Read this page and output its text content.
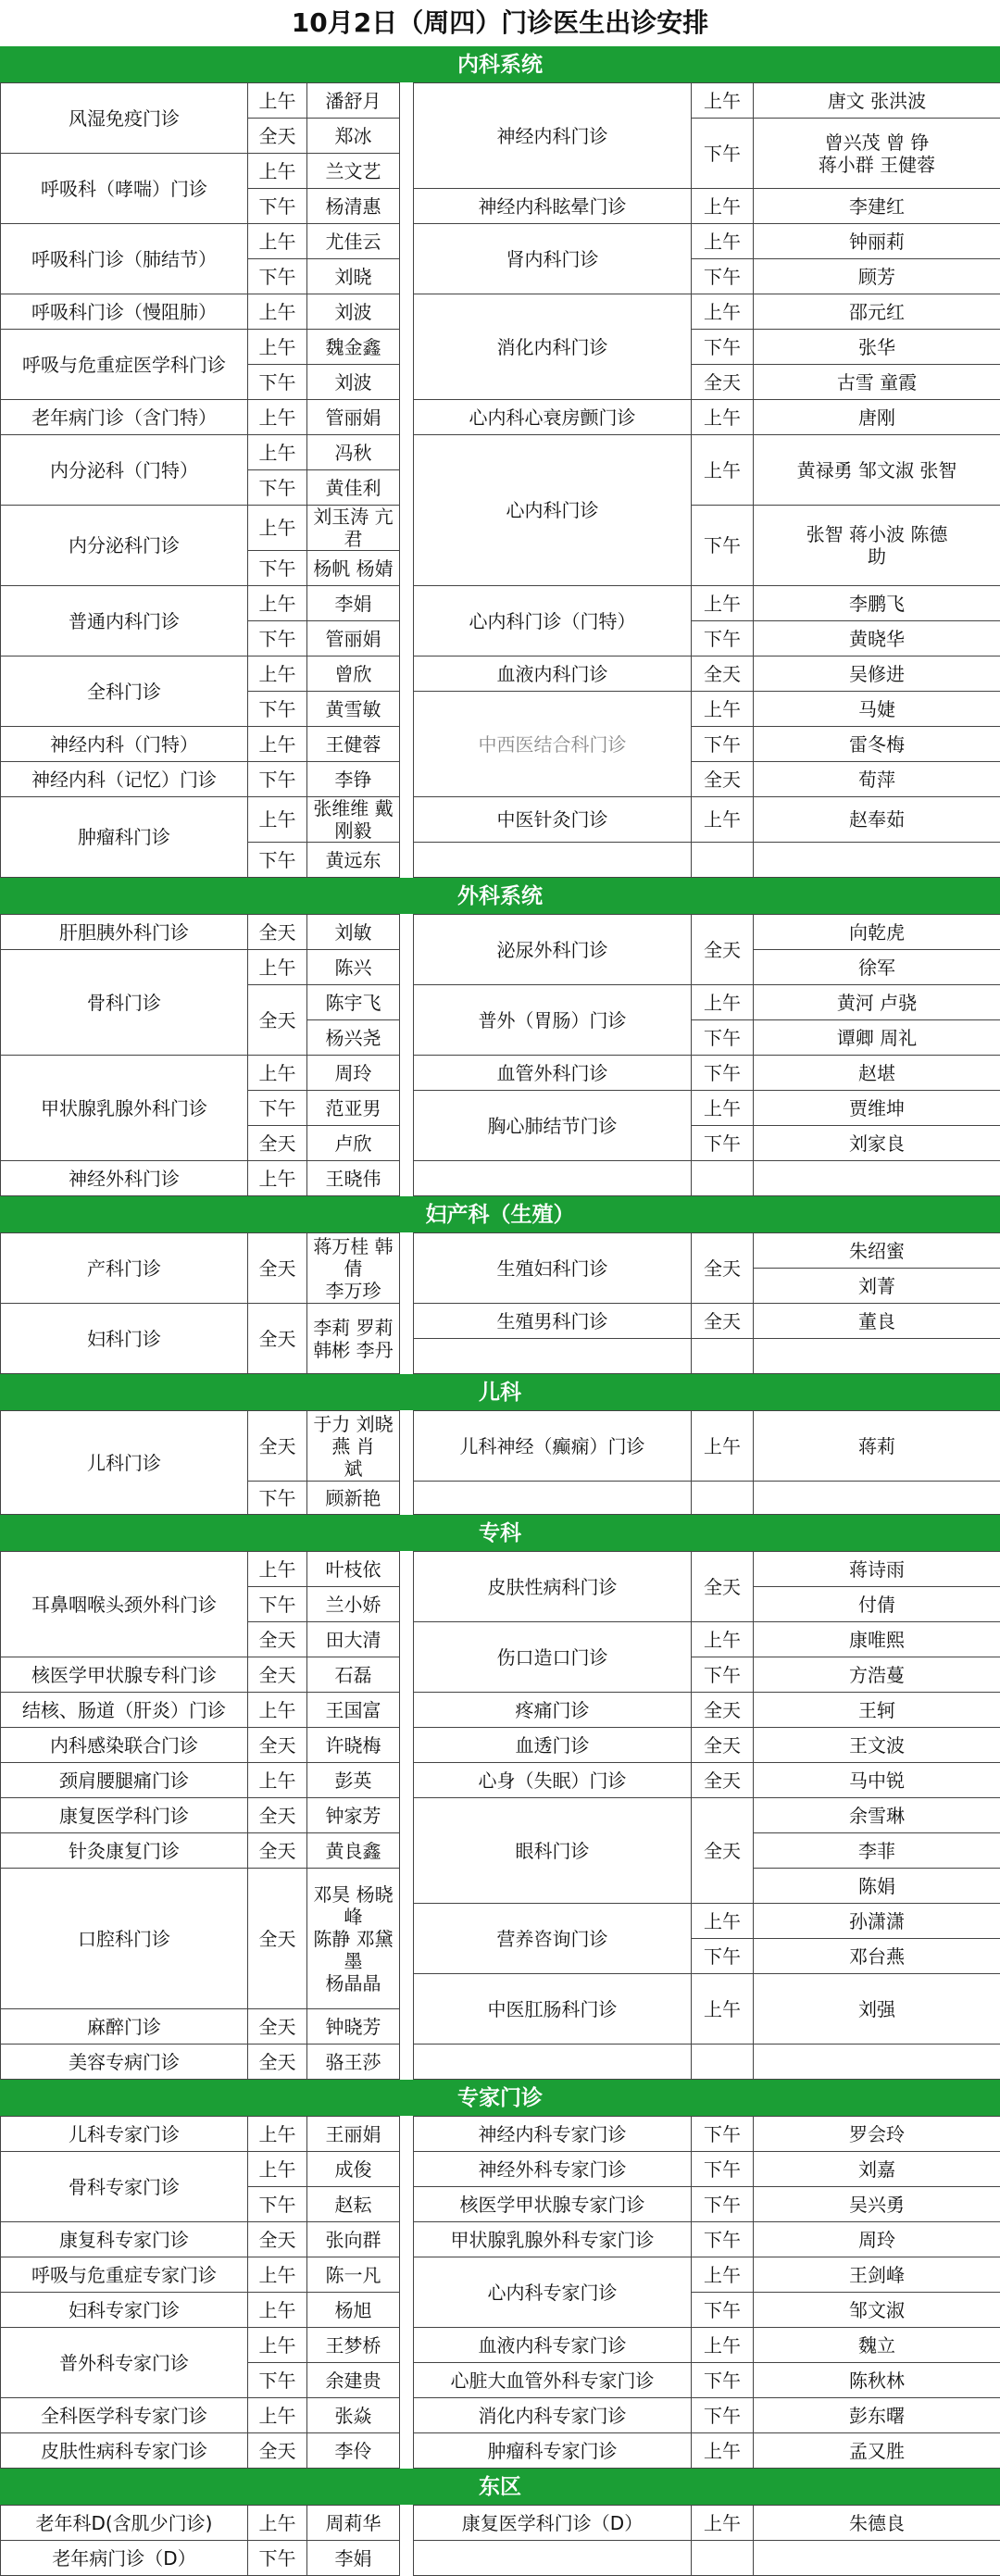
10月2日（周四）门诊医生出诊安排
内科系统
风湿免疫门诊	上午	潘舒月		神经内科门诊	上午	唐文 张洪波
	全天	郑冰			下午	曾兴茂 曾 铮
蒋小群 王健蓉
呼吸科（哮喘）门诊	上午	兰文艺				
	下午	杨清惠		神经内科眩晕门诊	上午	李建红
呼吸科门诊（肺结节）	上午	尤佳云		肾内科门诊	上午	钟丽莉
	下午	刘晓			下午	顾芳
呼吸科门诊（慢阻肺）	上午	刘波		消化内科门诊	上午	邵元红
呼吸与危重症医学科门诊	上午	魏金鑫			下午	张华
	下午	刘波			全天	古雪 童霞
老年病门诊（含门特）	上午	管丽娟		心内科心衰房颤门诊	上午	唐刚
内分泌科（门特）	上午	冯秋		心内科门诊	上午	黄禄勇 邹文淑 张智
	下午	黄佳利				
内分泌科门诊	上午	刘玉涛 亢君			下午	张智 蒋小波 陈德
助
	下午	杨帆 杨婧				
普通内科门诊	上午	李娟		心内科门诊（门特）	上午	李鹏飞
	下午	管丽娟			下午	黄晓华
全科门诊	上午	曾欣		血液内科门诊	全天	吴修进
	下午	黄雪敏		中西医结合科门诊	上午	马婕
神经内科（门特）	上午	王健蓉			下午	雷冬梅
神经内科（记忆）门诊	下午	李铮			全天	荀萍
肿瘤科门诊	上午	张维维 戴刚毅		中医针灸门诊	上午	赵奉茹
	下午	黄远东				
外科系统
肝胆胰外科门诊	全天	刘敏		泌尿外科门诊	全天	向乾虎
骨科门诊	上午	陈兴				徐军
	全天	陈宇飞		普外（胃肠）门诊	上午	黄河 卢骁
		杨兴尧			下午	谭卿 周礼
甲状腺乳腺外科门诊	上午	周玲		血管外科门诊	下午	赵堪
	下午	范亚男		胸心肺结节门诊	上午	贾维坤
	全天	卢欣			下午	刘家良
神经外科门诊	上午	王晓伟				
妇产科（生殖）
产科门诊	全天	蒋万桂 韩倩
李万珍		生殖妇科门诊	全天	朱绍蜜
						刘菁
妇科门诊	全天	李莉 罗莉
韩彬 李丹		生殖男科门诊	全天	董良

儿科
儿科门诊	全天	于力 刘晓燕 肖
斌		儿科神经（癫痫）门诊	上午	蒋莉

	下午	顾新艳				
专科
耳鼻咽喉头颈外科门诊	上午	叶枝依		皮肤性病科门诊	全天	蒋诗雨
	下午	兰小娇				付倩
	全天	田大清		伤口造口门诊	上午	康唯熙
核医学甲状腺专科门诊	全天	石磊			下午	方浩蔓
结核、肠道（肝炎）门诊	上午	王国富		疼痛门诊	全天	王轲
内科感染联合门诊	全天	许晓梅		血透门诊	全天	王文波
颈肩腰腿痛门诊	上午	彭英		心身（失眠）门诊	全天	马中锐
康复医学科门诊	全天	钟家芳		眼科门诊	全天	余雪琳
针灸康复门诊	全天	黄良鑫				李菲
口腔科门诊	全天	邓昊 杨晓峰
陈静 邓黛墨
杨晶晶				陈娟
				营养咨询门诊	上午	孙潇潇
					下午	邓台燕
				中医肛肠科门诊	上午	刘强
麻醉门诊	全天	钟晓芳				
美容专病门诊	全天	骆王莎				
专家门诊
儿科专家门诊	上午	王丽娟		神经内科专家门诊	下午	罗会玲
骨科专家门诊	上午	成俊		神经外科专家门诊	下午	刘嘉
	下午	赵耘		核医学甲状腺专家门诊	下午	吴兴勇
康复科专家门诊	全天	张向群		甲状腺乳腺外科专家门诊	下午	周玲
呼吸与危重症专家门诊	上午	陈一凡		心内科专家门诊	上午	王剑峰
妇科专家门诊	上午	杨旭			下午	邹文淑
普外科专家门诊	上午	王梦桥		血液内科专家门诊	上午	魏立
	下午	余建贵		心脏大血管外科专家门诊	下午	陈秋林
全科医学科专家门诊	上午	张焱		消化内科专家门诊	下午	彭东曙
皮肤性病科专家门诊	全天	李伶		肿瘤科专家门诊	上午	孟又胜
东区
老年科D(含肌少门诊)	上午	周莉华		康复医学科门诊（D）	上午	朱德良
老年病门诊（D）	下午	李娟				
